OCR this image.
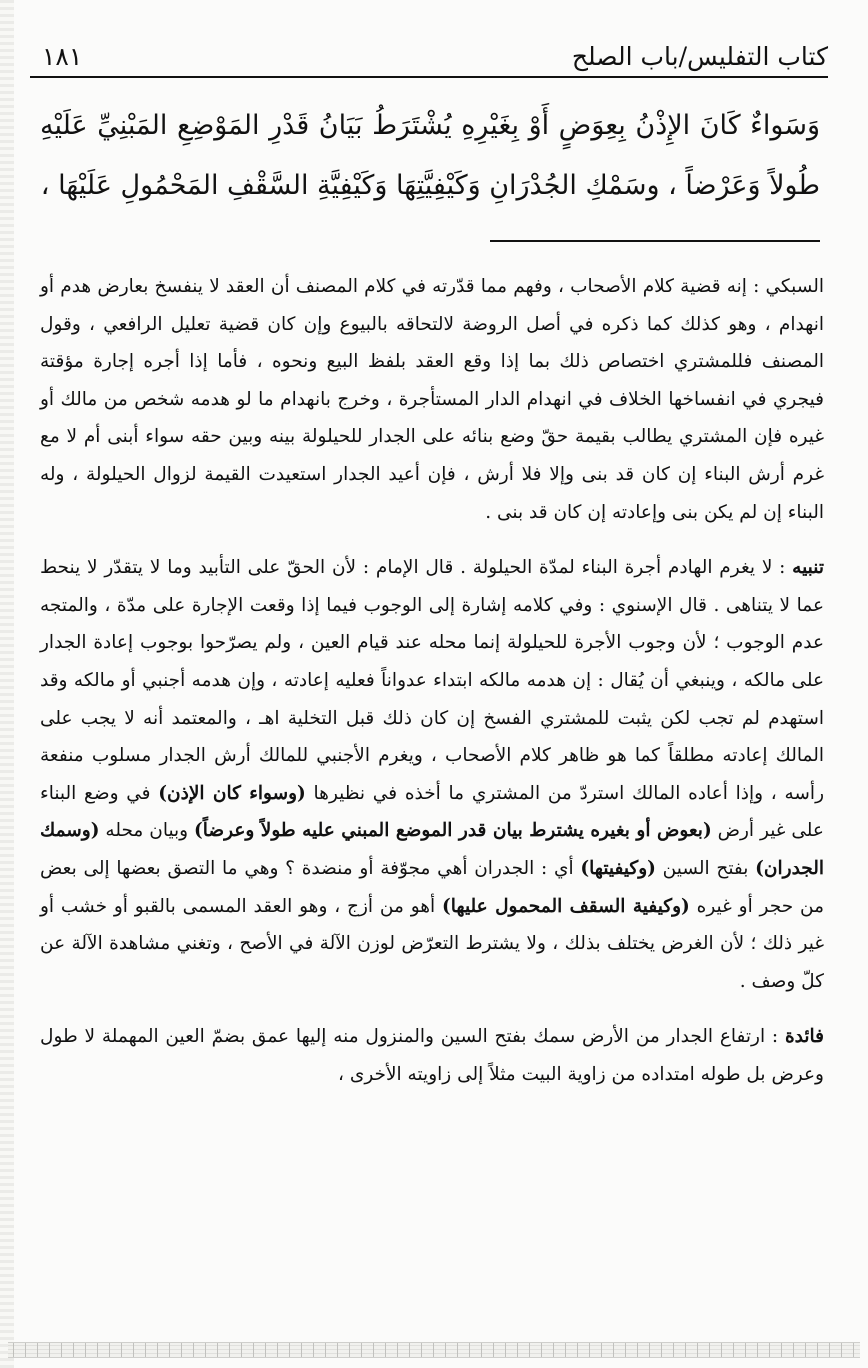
كتاب التفليس/باب الصلح
١٨١

وَسَواءٌ كَانَ الإِذْنُ بِعِوَضٍ أَوْ بِغَيْرِهِ يُشْتَرَطُ بَيَانُ قَدْرِ المَوْضِعِ المَبْنِيِّ عَلَيْهِ طُولاً وَعَرْضاً ، وسَمْكِ الجُدْرَانِ وَكَيْفِيَّتِهَا وَكَيْفِيَّةِ السَّقْفِ المَحْمُولِ عَلَيْهَا ،

السبكي : إنه قضية كلام الأصحاب ، وفهم مما قدّرته في كلام المصنف أن العقد لا ينفسخ بعارض هدم أو انهدام ، وهو كذلك كما ذكره في أصل الروضة لالتحاقه بالبيوع وإن كان قضية تعليل الرافعي ، وقول المصنف فللمشتري اختصاص ذلك بما إذا وقع العقد بلفظ البيع ونحوه ، فأما إذا أجره إجارة مؤقتة فيجري في انفساخها الخلاف في انهدام الدار المستأجرة ، وخرج بانهدام ما لو هدمه شخص من مالك أو غيره فإن المشتري يطالب بقيمة حقّ وضع بنائه على الجدار للحيلولة بينه وبين حقه سواء أبنى أم لا مع غرم أرش البناء إن كان قد بنى وإلا فلا أرش ، فإن أعيد الجدار استعيدت القيمة لزوال الحيلولة ، وله البناء إن لم يكن بنى وإعادته إن كان قد بنى .

تنبيه : لا يغرم الهادم أجرة البناء لمدّة الحيلولة . قال الإمام : لأن الحقّ على التأبيد وما لا يتقدّر لا ينحط عما لا يتناهى . قال الإسنوي : وفي كلامه إشارة إلى الوجوب فيما إذا وقعت الإجارة على مدّة ، والمتجه عدم الوجوب ؛ لأن وجوب الأجرة للحيلولة إنما محله عند قيام العين ، ولم يصرّحوا بوجوب إعادة الجدار على مالكه ، وينبغي أن يُقال : إن هدمه مالكه ابتداء عدواناً فعليه إعادته ، وإن هدمه أجنبي أو مالكه وقد استهدم لم تجب لكن يثبت للمشتري الفسخ إن كان ذلك قبل التخلية اهـ ، والمعتمد أنه لا يجب على المالك إعادته مطلقاً كما هو ظاهر كلام الأصحاب ، ويغرم الأجنبي للمالك أرش الجدار مسلوب منفعة رأسه ، وإذا أعاده المالك استردّ من المشتري ما أخذه في نظيرها (وسواء كان الإذن) في وضع البناء على غير أرض (بعوض أو بغيره يشترط بيان قدر الموضع المبني عليه طولاً وعرضاً) وبيان محله (وسمك الجدران) بفتح السين (وكيفيتها) أي : الجدران أهي مجوّفة أو منضدة ؟ وهي ما التصق بعضها إلى بعض من حجر أو غيره (وكيفية السقف المحمول عليها) أهو من أزج ، وهو العقد المسمى بالقبو أو خشب أو غير ذلك ؛ لأن الغرض يختلف بذلك ، ولا يشترط التعرّض لوزن الآلة في الأصح ، وتغني مشاهدة الآلة عن كلّ وصف .

فائدة : ارتفاع الجدار من الأرض سمك بفتح السين والمنزول منه إليها عمق بضمّ العين المهملة لا طول وعرض بل طوله امتداده من زاوية البيت مثلاً إلى زاويته الأخرى ،
